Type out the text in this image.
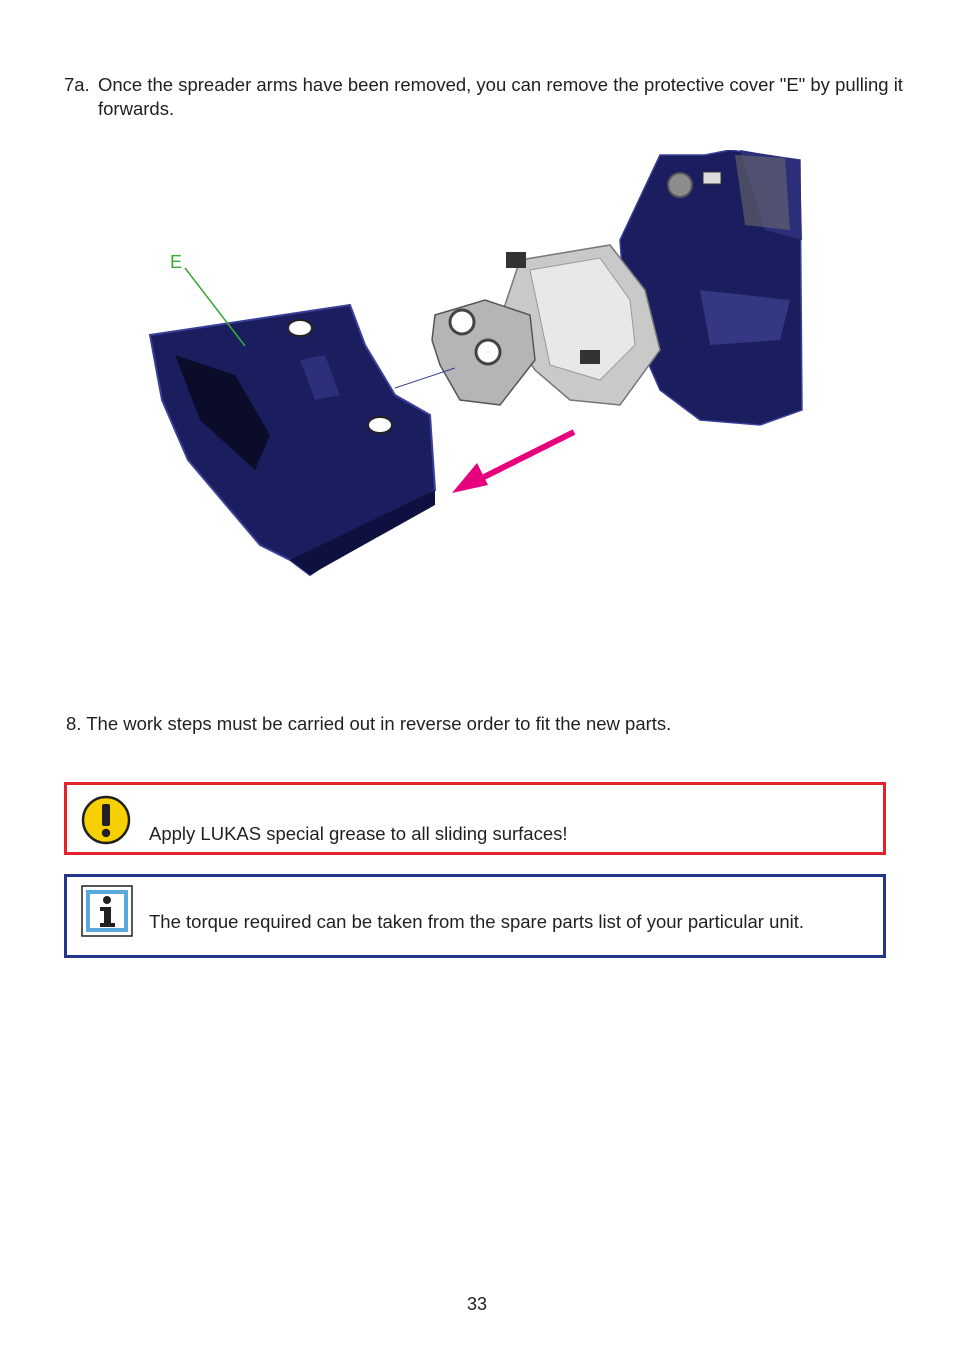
7a. Once the spreader arms have been removed, you can remove the protective cover "E" by pulling it forwards.
E
8. The work steps must be carried out in reverse order to fit the new parts.
Apply LUKAS special grease to all sliding surfaces!
The torque required can be taken from the spare parts list of your particular unit.
33
